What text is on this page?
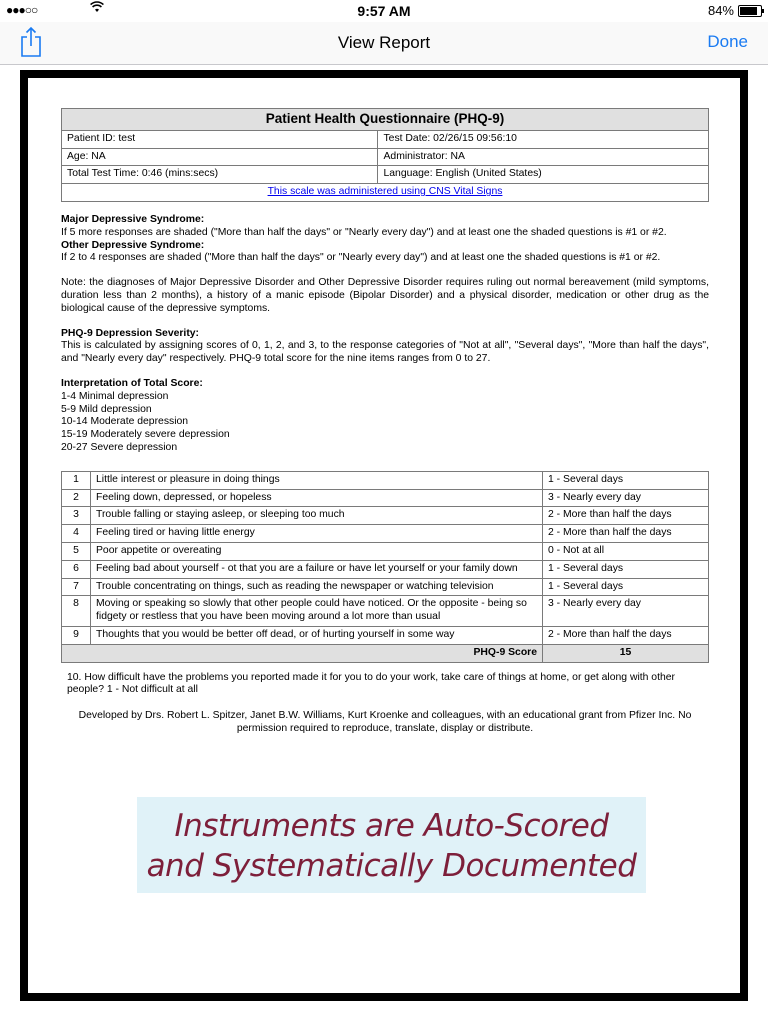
●●●○○	9:57 AM	84%
View Report	Done
Patient Health Questionnaire (PHQ-9)	
Patient ID: test	Test Date: 02/26/15 09:56:10
Age: NA	Administrator: NA
Total Test Time: 0:46 (mins:secs)	Language: English (United States)
This scale was administered using CNS Vital Signs	
Major Depressive Syndrome:
If 5 more responses are shaded ("More than half the days" or "Nearly every day") and at least one the shaded questions is #1 or #2.
Other Depressive Syndrome:
If 2 to 4 responses are shaded ("More than half the days" or "Nearly every day") and at least one the shaded questions is #1 or #2.
Note: the diagnoses of Major Depressive Disorder and Other Depressive Disorder requires ruling out normal bereavement (mild symptoms, duration less than 2 months), a history of a manic episode (Bipolar Disorder) and a physical disorder, medication or other drug as the biological cause of the depressive symptoms.
PHQ-9 Depression Severity:
This is calculated by assigning scores of 0, 1, 2, and 3, to the response categories of "Not at all", "Several days", "More than half the days", and "Nearly every day" respectively. PHQ-9 total score for the nine items ranges from 0 to 27.
Interpretation of Total Score:
1-4 Minimal depression
5-9 Mild depression
10-14 Moderate depression
15-19 Moderately severe depression
20-27 Severe depression
1	Little interest or pleasure in doing things	1 - Several days
2	Feeling down, depressed, or hopeless	3 - Nearly every day
3	Trouble falling or staying asleep, or sleeping too much	2 - More than half the days
4	Feeling tired or having little energy	2 - More than half the days
5	Poor appetite or overeating	0 - Not at all
6	Feeling bad about yourself - ot that you are a failure or have let yourself or your family down	1 - Several days
7	Trouble concentrating on things, such as reading the newspaper or watching television	1 - Several days
8	Moving or speaking so slowly that other people could have noticed. Or the opposite - being so fidgety or restless that you have been moving around a lot more than usual	3 - Nearly every day
9	Thoughts that you would be better off dead, or of hurting yourself in some way	2 - More than half the days
PHQ-9 Score		15
10. How difficult have the problems you reported made it for you to do your work, take care of things at home, or get along with other people? 1 - Not difficult at all
Developed by Drs. Robert L. Spitzer, Janet B.W. Williams, Kurt Kroenke and colleagues, with an educational grant from Pfizer Inc. No permission required to reproduce, translate, display or distribute.
Instruments are Auto-Scored
and Systematically Documented
